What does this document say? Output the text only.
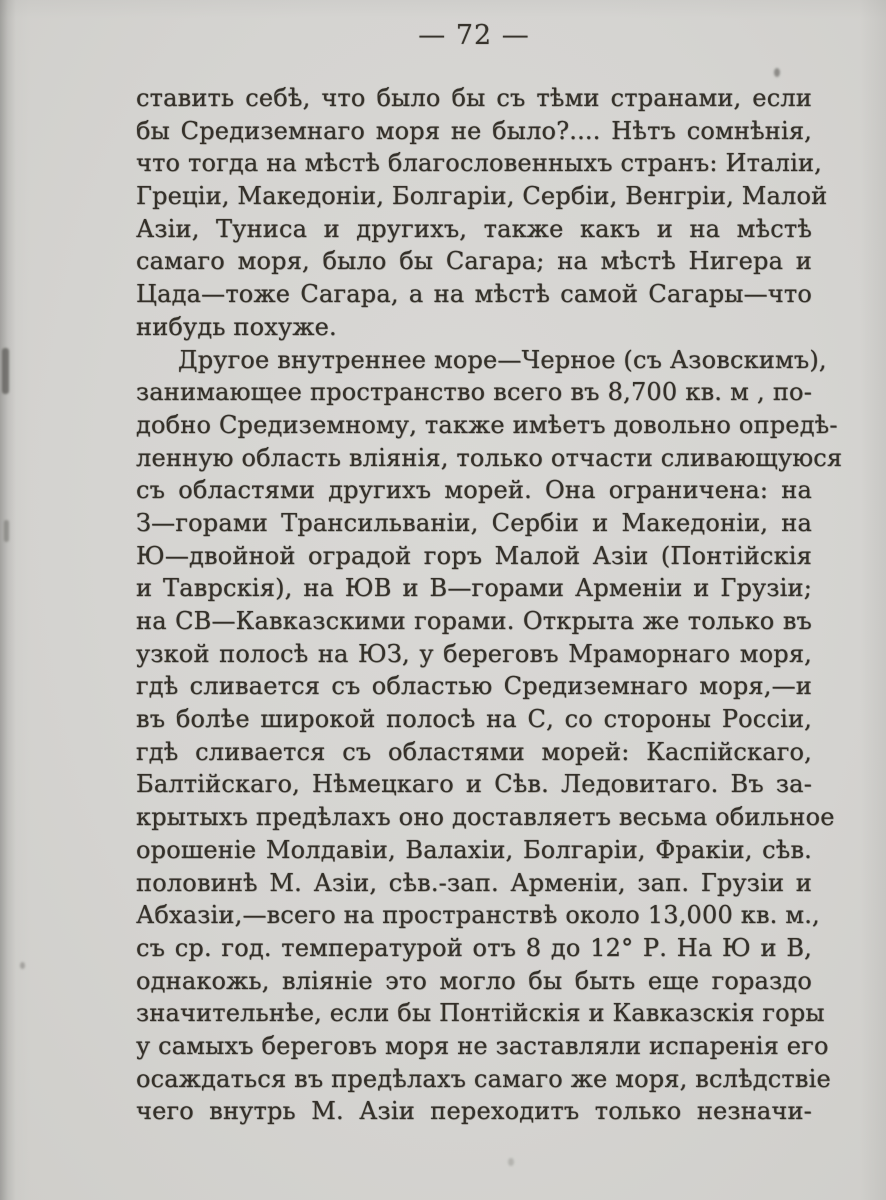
— 72 —
ставить себѣ, что было бы съ тѣми странами, если
бы Средиземнаго моря не было?.... Нѣтъ сомнѣнія,
что тогда на мѣстѣ благословенныхъ странъ: Италіи,
Греціи, Македоніи, Болгаріи, Сербіи, Венгріи, Малой
Азіи, Туниса и другихъ, также какъ и на мѣстѣ
самаго моря, было бы Сагара; на мѣстѣ Нигера и
Цада—тоже Сагара, а на мѣстѣ самой Сагары—что
нибудь похуже.
Другое внутреннее море—Черное (съ Азовскимъ),
занимающее пространство всего въ 8,700 кв. м , по-
добно Средиземному, также имѣетъ довольно опредѣ-
ленную область вліянія, только отчасти сливающуюся
съ областями другихъ морей. Она ограничена: на
З—горами Трансильваніи, Сербіи и Македоніи, на
Ю—двойной оградой горъ Малой Азіи (Понтійскія
и Таврскія), на ЮВ и В—горами Арменіи и Грузіи;
на СВ—Кавказскими горами. Открыта же только въ
узкой полосѣ на ЮЗ, у береговъ Мраморнаго моря,
гдѣ сливается съ областью Средиземнаго моря,—и
въ болѣе широкой полосѣ на С, со стороны Россіи,
гдѣ сливается съ областями морей: Каспійскаго,
Балтійскаго, Нѣмецкаго и Сѣв. Ледовитаго. Въ за-
крытыхъ предѣлахъ оно доставляетъ весьма обильное
орошеніе Молдавіи, Валахіи, Болгаріи, Фракіи, сѣв.
половинѣ М. Азіи, сѣв.-зап. Арменіи, зап. Грузіи и
Абхазіи,—всего на пространствѣ около 13,000 кв. м.,
съ ср. год. температурой отъ 8 до 12° Р. На Ю и В,
однакожь, вліяніе это могло бы быть еще гораздо
значительнѣе, если бы Понтійскія и Кавказскія горы
у самыхъ береговъ моря не заставляли испаренія его
осаждаться въ предѣлахъ самаго же моря, вслѣдствіе
чего внутрь М. Азіи переходитъ только незначи-
